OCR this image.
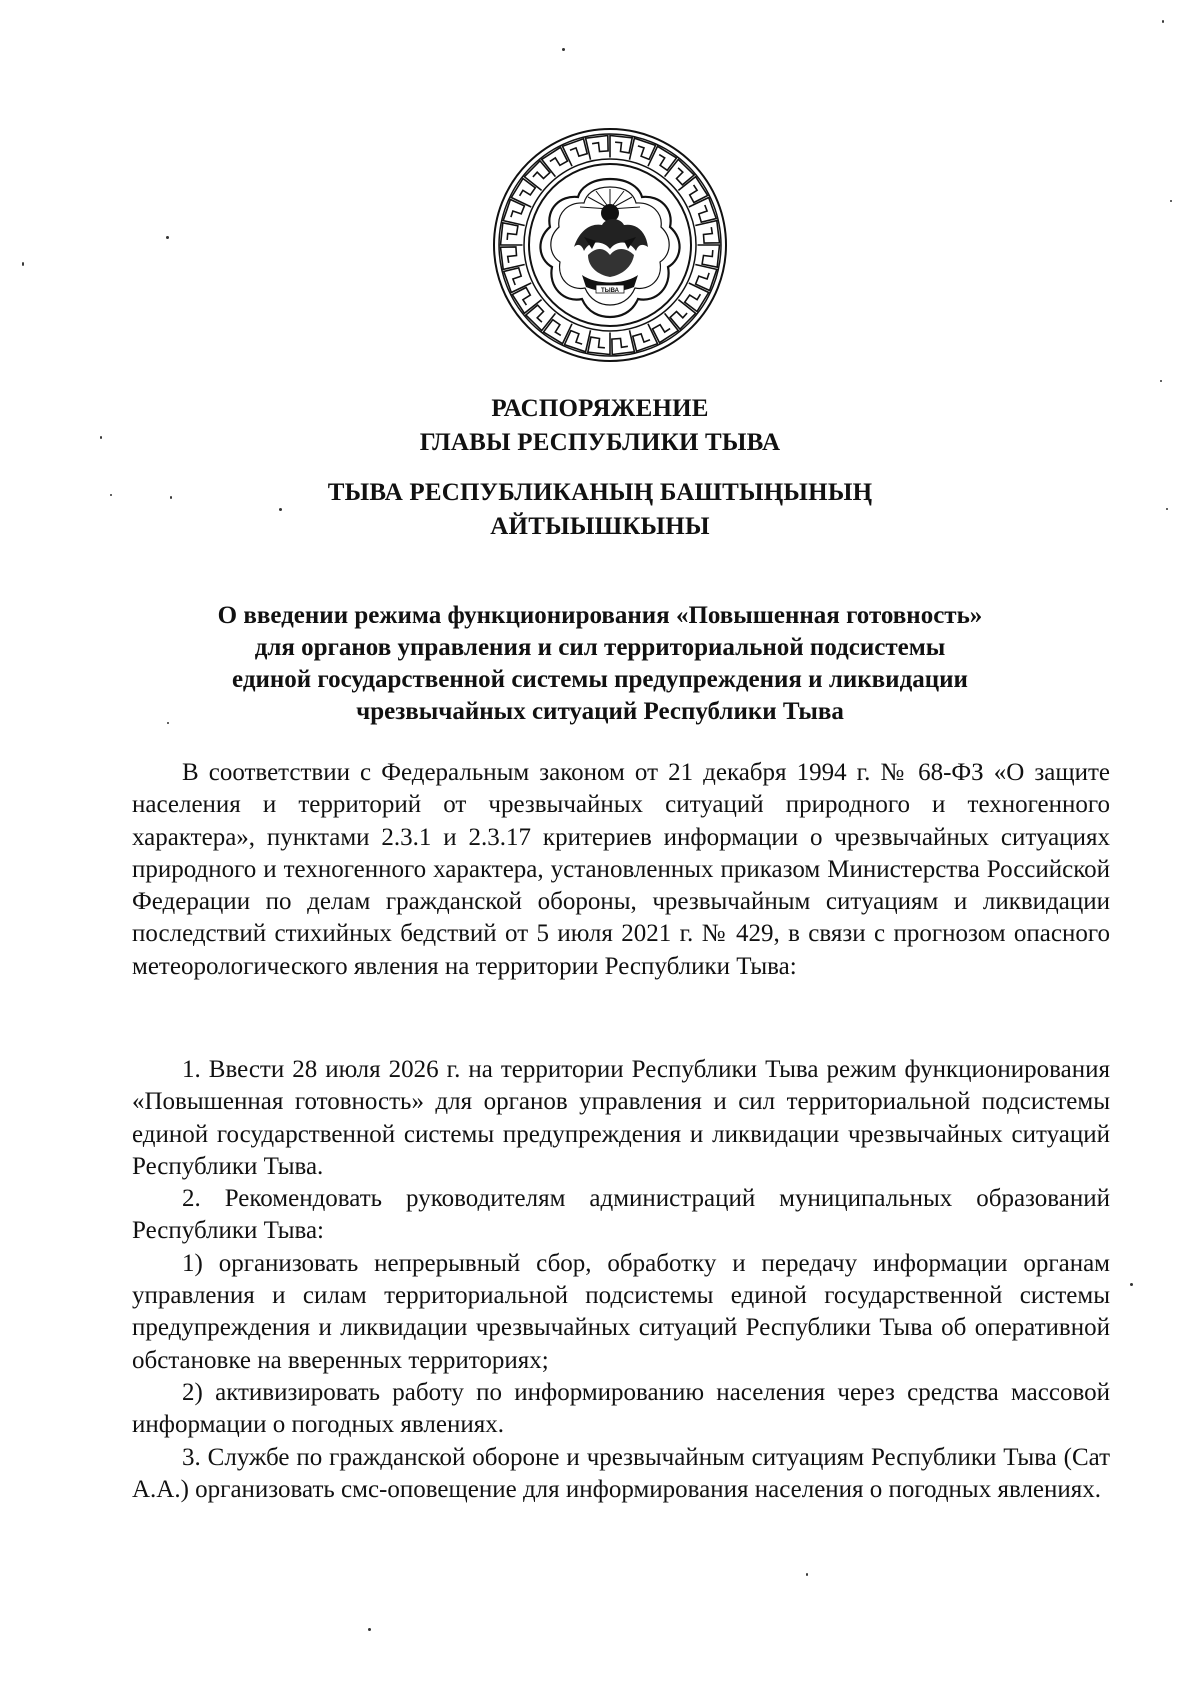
ТЫВА
РАСПОРЯЖЕНИЕ
ГЛАВЫ РЕСПУБЛИКИ ТЫВА
ТЫВА РЕСПУБЛИКАНЫҢ БАШТЫҢЫНЫҢ
АЙТЫЫШКЫНЫ
О введении режима функционирования «Повышенная готовность»
для органов управления и сил территориальной подсистемы
единой государственной системы предупреждения и ликвидации
чрезвычайных ситуаций Республики Тыва

В соответствии с Федеральным законом от 21 декабря 1994 г. № 68-ФЗ «О защите населения и территорий от чрезвычайных ситуаций природного и техногенного характера», пунктами 2.3.1 и 2.3.17 критериев информации о чрезвычайных ситуациях природного и техногенного характера, установленных приказом Министерства Российской Федерации по делам гражданской обороны, чрезвычайным ситуациям и ликвидации последствий стихийных бедствий от 5 июля 2021 г. № 429, в связи с прогнозом опасного метеорологического явления на территории Республики Тыва:

1. Ввести 28 июля 2026 г. на территории Республики Тыва режим функционирования «Повышенная готовность» для органов управления и сил территориальной подсистемы единой государственной системы предупреждения и ликвидации чрезвычайных ситуаций Республики Тыва.

2. Рекомендовать руководителям администраций муниципальных образований Республики Тыва:

1) организовать непрерывный сбор, обработку и передачу информации органам управления и силам территориальной подсистемы единой государственной системы предупреждения и ликвидации чрезвычайных ситуаций Республики Тыва об оперативной обстановке на вверенных территориях;

2) активизировать работу по информированию населения через средства массовой информации о погодных явлениях.

3. Службе по гражданской обороне и чрезвычайным ситуациям Республики Тыва (Сат А.А.) организовать смс-оповещение для информирования населения о погодных явлениях.
